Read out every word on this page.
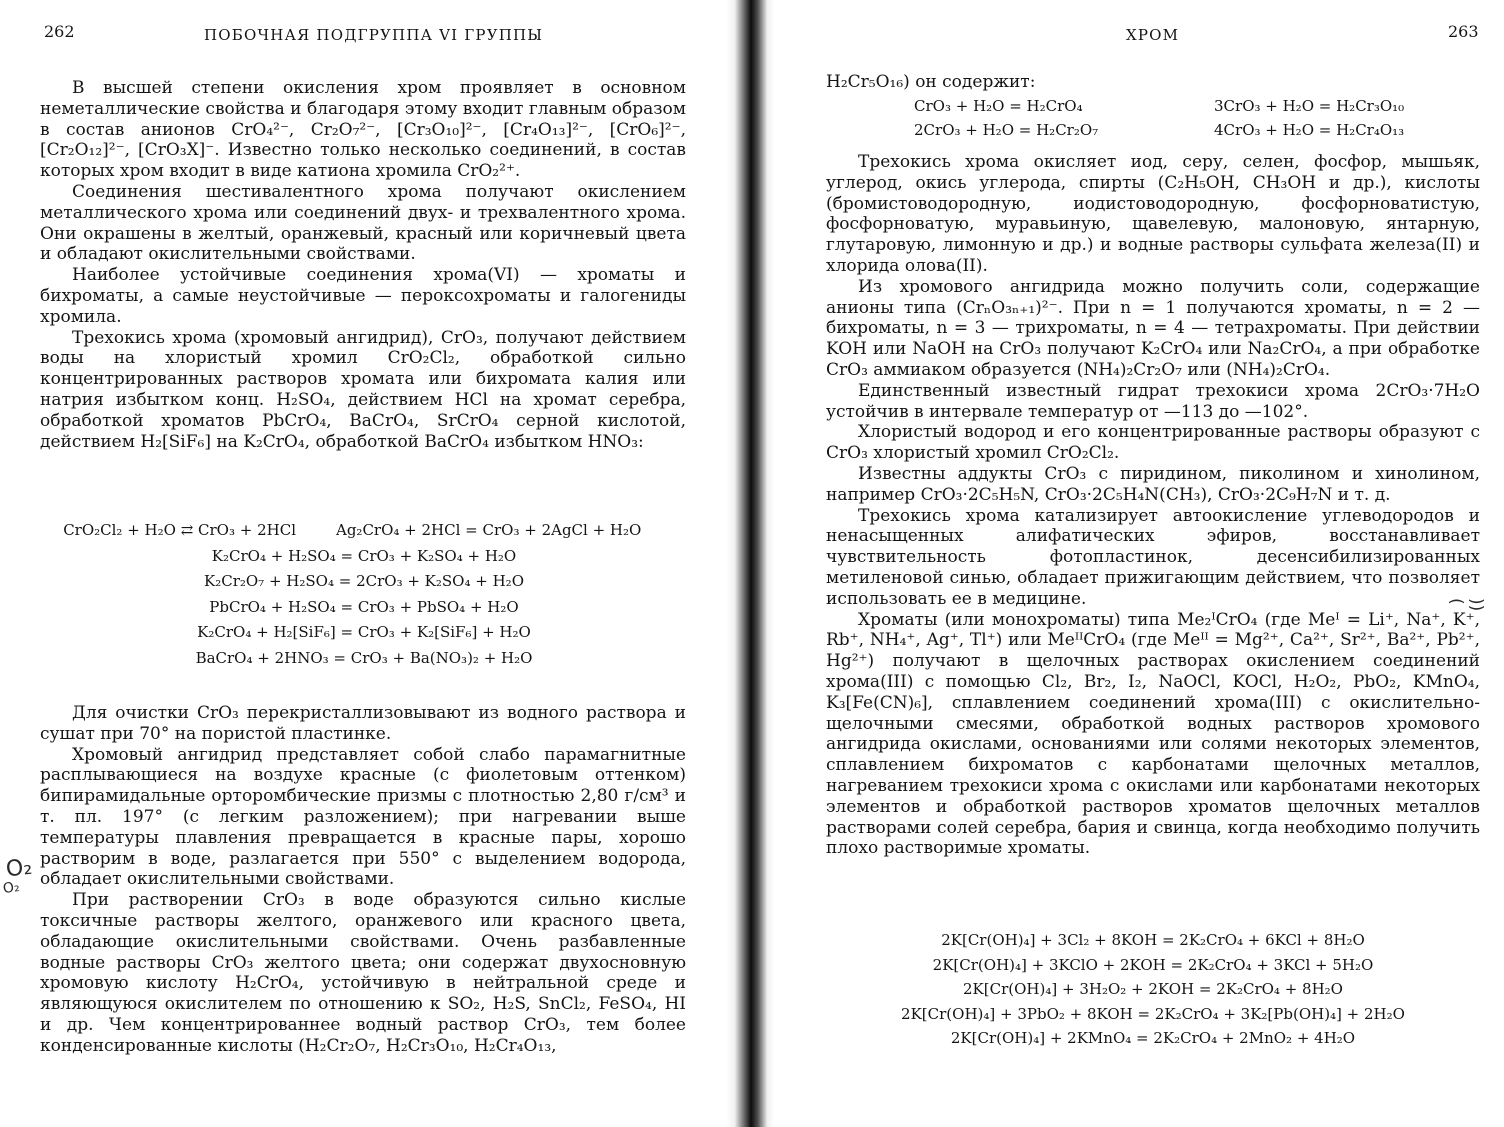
262	ПОБОЧНАЯ ПОДГРУППА VI ГРУППЫ

В высшей степени окисления хром проявляет в основном неметаллические свойства и благодаря этому входит главным образом в состав анионов CrO₄²⁻, Cr₂O₇²⁻, [Cr₃O₁₀]²⁻, [Cr₄O₁₃]²⁻, [CrO₆]²⁻, [Cr₂O₁₂]²⁻, [CrO₃X]⁻. Известно только несколько соединений, в состав которых хром входит в виде катиона хромила CrO₂²⁺.

Соединения шестивалентного хрома получают окислением металлического хрома или соединений двух- и трехвалентного хрома. Они окрашены в желтый, оранжевый, красный или коричневый цвета и обладают окислительными свойствами.

Наиболее устойчивые соединения хрома(VI) — хроматы и бихроматы, а самые неустойчивые — пероксохроматы и галогениды хромила.

Трехокись хрома (хромовый ангидрид), CrO₃, получают действием воды на хлористый хромил CrO₂Cl₂, обработкой сильно концентрированных растворов хромата или бихромата калия или натрия избытком конц. H₂SO₄, действием HCl на хромат серебра, обработкой хроматов PbCrO₄, BaCrO₄, SrCrO₄ серной кислотой, действием H₂[SiF₆] на K₂CrO₄, обработкой BaCrO₄ избытком HNO₃:

CrO₂Cl₂ + H₂O ⇄ CrO₃ + 2HCl	Ag₂CrO₄ + 2HCl = CrO₃ + 2AgCl + H₂O
K₂CrO₄ + H₂SO₄ = CrO₃ + K₂SO₄ + H₂O
K₂Cr₂O₇ + H₂SO₄ = 2CrO₃ + K₂SO₄ + H₂O
PbCrO₄ + H₂SO₄ = CrO₃ + PbSO₄ + H₂O
K₂CrO₄ + H₂[SiF₆] = CrO₃ + K₂[SiF₆] + H₂O
BaCrO₄ + 2HNO₃ = CrO₃ + Ba(NO₃)₂ + H₂O

Для очистки CrO₃ перекристаллизовывают из водного раствора и сушат при 70° на пористой пластинке.

Хромовый ангидрид представляет собой слабо парамагнитные расплывающиеся на воздухе красные (с фиолетовым оттенком) бипирамидальные орторомбические призмы с плотностью 2,80 г/см³ и т. пл. 197° (с легким разложением); при нагревании выше температуры плавления превращается в красные пары, хорошо растворим в воде, разлагается при 550° с выделением водорода, обладает окислительными свойствами.

При растворении CrO₃ в воде образуются сильно кислые токсичные растворы желтого, оранжевого или красного цвета, обладающие окислительными свойствами. Очень разбавленные водные растворы CrO₃ желтого цвета; они содержат двухосновную хромовую кислоту H₂CrO₄, устойчивую в нейтральной среде и являющуюся окислителем по отношению к SO₂, H₂S, SnCl₂, FeSO₄, HI и др. Чем концентрированнее водный раствор CrO₃, тем более конденсированные кислоты (H₂Cr₂O₇, H₂Cr₃O₁₀, H₂Cr₄O₁₃,

O₂
O₂
ХРОМ	263

H₂Cr₅O₁₆) он содержит:

CrO₃ + H₂O = H₂CrO₄	3CrO₃ + H₂O = H₂Cr₃O₁₀
2CrO₃ + H₂O = H₂Cr₂O₇	4CrO₃ + H₂O = H₂Cr₄O₁₃

Трехокись хрома окисляет иод, серу, селен, фосфор, мышьяк, углерод, окись углерода, спирты (C₂H₅OH, CH₃OH и др.), кислоты (бромистоводородную, иодистоводородную, фосфорноватистую, фосфорноватую, муравьиную, щавелевую, малоновую, янтарную, глутаровую, лимонную и др.) и водные растворы сульфата железа(II) и хлорида олова(II).

Из хромового ангидрида можно получить соли, содержащие анионы типа (CrₙO₃ₙ₊₁)²⁻. При n = 1 получаются хроматы, n = 2 — бихроматы, n = 3 — трихроматы, n = 4 — тетрахроматы. При действии KOH или NaOH на CrO₃ получают K₂CrO₄ или Na₂CrO₄, а при обработке CrO₃ аммиаком образуется (NH₄)₂Cr₂O₇ или (NH₄)₂CrO₄.

Единственный известный гидрат трехокиси хрома 2CrO₃·7H₂O устойчив в интервале температур от —113 до —102°.

Хлористый водород и его концентрированные растворы образуют с CrO₃ хлористый хромил CrO₂Cl₂.

Известны аддукты CrO₃ с пиридином, пиколином и хинолином, например CrO₃·2C₅H₅N, CrO₃·2C₅H₄N(CH₃), CrO₃·2C₉H₇N и т. д.

Трехокись хрома катализирует автоокисление углеводородов и ненасыщенных алифатических эфиров, восстанавливает чувствительность фотопластинок, десенсибилизированных метиленовой синью, обладает прижигающим действием, что позволяет использовать ее в медицине.

Хроматы (или монохроматы) типа Me₂ᴵCrO₄ (где Meᴵ = Li⁺, Na⁺, K⁺, Rb⁺, NH₄⁺, Ag⁺, Tl⁺) или MeᴵᴵCrO₄ (где Meᴵᴵ = Mg²⁺, Ca²⁺, Sr²⁺, Ba²⁺, Pb²⁺, Hg²⁺) получают в щелочных растворах окислением соединений хрома(III) с помощью Cl₂, Br₂, I₂, NaOCl, KOCl, H₂O₂, PbO₂, KMnO₄, K₃[Fe(CN)₆], сплавлением соединений хрома(III) с окислительно-щелочными смесями, обработкой водных растворов хромового ангидрида окислами, основаниями или солями некоторых элементов, сплавлением бихроматов с карбонатами щелочных металлов, нагреванием трехокиси хрома с окислами или карбонатами некоторых элементов и обработкой растворов хроматов щелочных металлов растворами солей серебра, бария и свинца, когда необходимо получить плохо растворимые хроматы.

2K[Cr(OH)₄] + 3Cl₂ + 8KOH = 2K₂CrO₄ + 6KCl + 8H₂O
2K[Cr(OH)₄] + 3KClO + 2KOH = 2K₂CrO₄ + 3KCl + 5H₂O
2K[Cr(OH)₄] + 3H₂O₂ + 2KOH = 2K₂CrO₄ + 8H₂O
2K[Cr(OH)₄] + 3PbO₂ + 8KOH = 2K₂CrO₄ + 3K₂[Pb(OH)₄] + 2H₂O
2K[Cr(OH)₄] + 2KMnO₄ = 2K₂CrO₄ + 2MnO₂ + 4H₂O
))(
